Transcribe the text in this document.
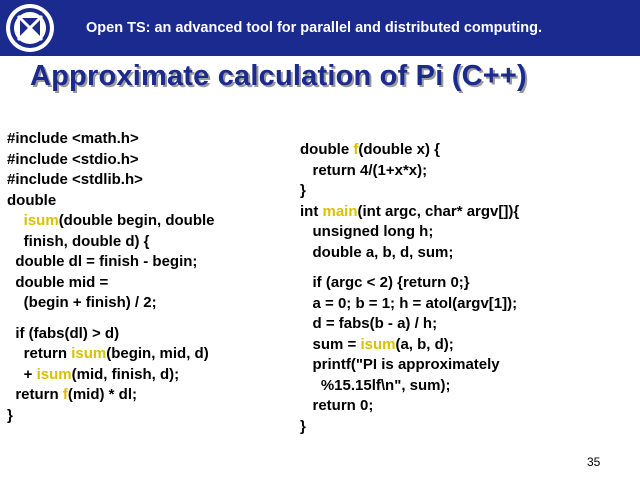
Open TS: an advanced tool for parallel and distributed computing.
Approximate calculation of Pi (C++)
#include <math.h>
#include <stdio.h>
#include <stdlib.h>
double
isum(double begin, double
finish, double d) {
double dl = finish - begin;
double mid =
(begin + finish) / 2;
if (fabs(dl) > d)
return isum(begin, mid, d)
+ isum(mid, finish, d);
return f(mid) * dl;
}
double f(double x) {
return 4/(1+x*x);
}
int main(int argc, char* argv[]){
unsigned long h;
double a, b, d, sum;
if (argc < 2) {return 0;}
a = 0; b = 1; h = atol(argv[1]);
d = fabs(b - a) / h;
sum = isum(a, b, d);
printf("PI is approximately
%15.15lf\n", sum);
return 0;
}
35
